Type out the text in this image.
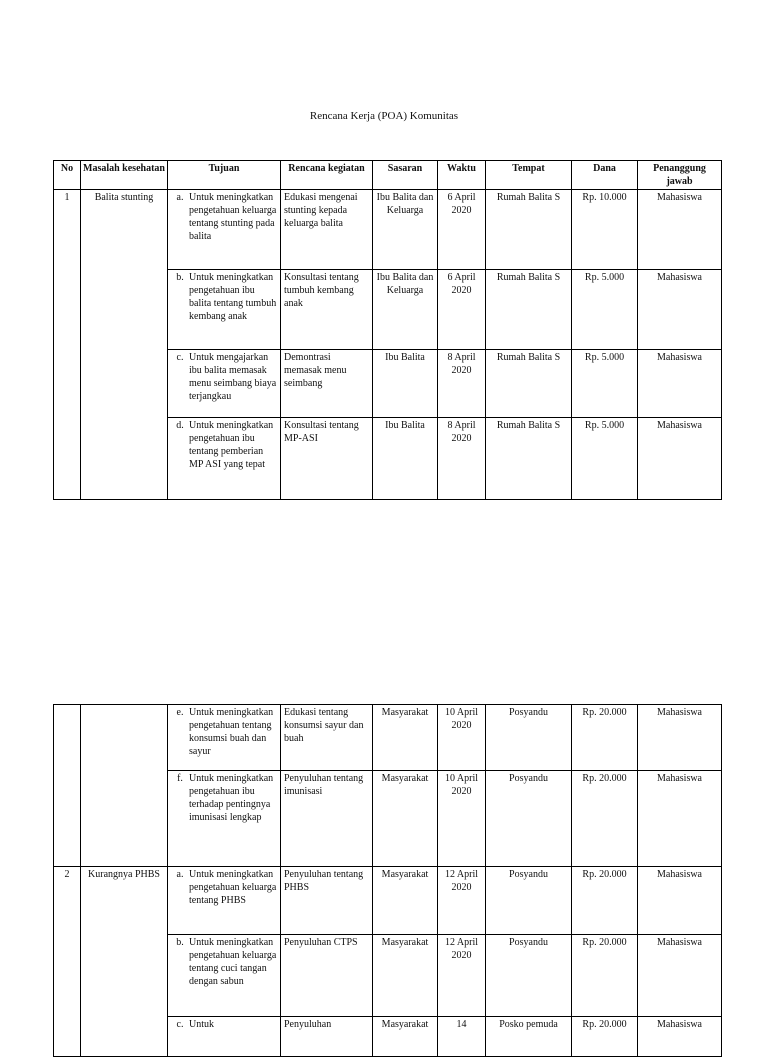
Rencana Kerja (POA) Komunitas
No	Masalah kesehatan	Tujuan	Rencana kegiatan	Sasaran	Waktu	Tempat	Dana	Penanggung jawab
1	Balita stunting	a. Untuk meningkatkan pengetahuan keluarga tentang stunting pada balita	Edukasi mengenai stunting kepada keluarga balita	Ibu Balita dan Keluarga	6 April 2020	Rumah Balita S	Rp. 10.000	Mahasiswa

		b. Untuk meningkatkan pengetahuan ibu balita tentang tumbuh kembang anak	Konsultasi tentang tumbuh kembang anak	Ibu Balita dan Keluarga	6 April 2020	Rumah Balita S	Rp. 5.000	Mahasiswa

		c. Untuk mengajarkan ibu balita memasak menu seimbang biaya terjangkau	Demontrasi memasak menu seimbang	Ibu Balita	8 April 2020	Rumah Balita S	Rp. 5.000	Mahasiswa

		d. Untuk meningkatkan pengetahuan ibu tentang pemberian MP ASI yang tepat	Konsultasi tentang MP-ASI	Ibu Balita	8 April 2020	Rumah Balita S	Rp. 5.000	Mahasiswa

		e. Untuk meningkatkan pengetahuan tentang konsumsi buah dan sayur	Edukasi tentang konsumsi sayur dan buah	Masyarakat	10 April 2020	Posyandu	Rp. 20.000	Mahasiswa

		f. Untuk meningkatkan pengetahuan ibu terhadap pentingnya imunisasi lengkap	Penyuluhan tentang imunisasi	Masyarakat	10 April 2020	Posyandu	Rp. 20.000	Mahasiswa
2	Kurangnya PHBS	a. Untuk meningkatkan pengetahuan keluarga tentang PHBS	Penyuluhan tentang PHBS	Masyarakat	12 April 2020	Posyandu	Rp. 20.000	Mahasiswa

		b. Untuk meningkatkan pengetahuan keluarga tentang cuci tangan dengan sabun	Penyuluhan CTPS	Masyarakat	12 April 2020	Posyandu	Rp. 20.000	Mahasiswa

		c. Untuk	Penyuluhan	Masyarakat	14	Posko pemuda	Rp. 20.000	Mahasiswa
